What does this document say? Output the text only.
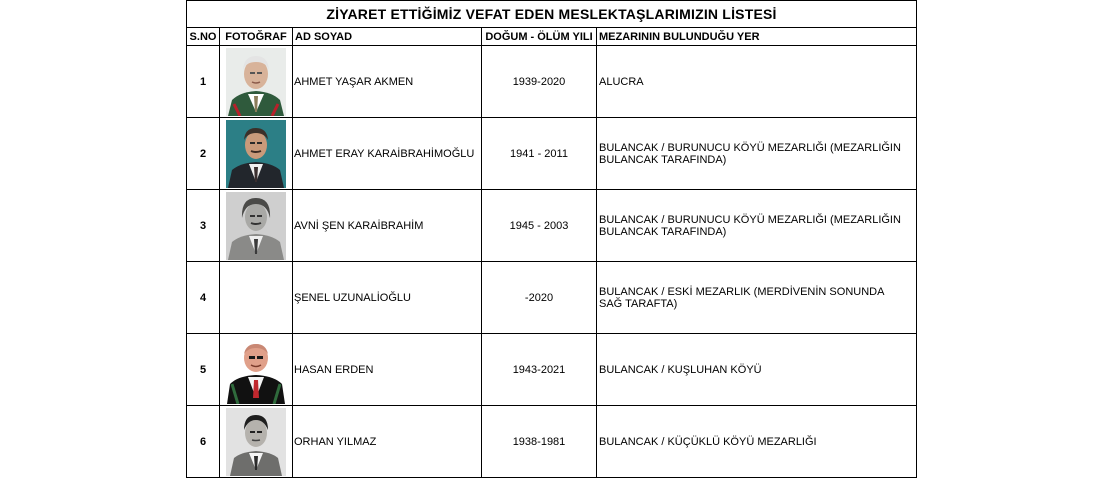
ZİYARET ETTİĞİMİZ VEFAT EDEN MESLEKTAŞLARIMIZIN LİSTESİ				
S.NO	FOTOĞRAF	AD SOYAD	DOĞUM - ÖLÜM YILI	MEZARININ BULUNDUĞU YER
1		AHMET YAŞAR AKMEN	1939-2020	ALUCRA
2		AHMET ERAY KARAİBRAHİMOĞLU	1941 - 2011	BULANCAK / BURUNUCU KÖYÜ MEZARLIĞI (MEZARLIĞIN BULANCAK TARAFINDA)
3		AVNİ ŞEN KARAİBRAHİM	1945 - 2003	BULANCAK / BURUNUCU KÖYÜ MEZARLIĞI (MEZARLIĞIN BULANCAK TARAFINDA)
4		ŞENEL UZUNALİOĞLU	-2020	BULANCAK / ESKİ MEZARLIK (MERDİVENİN SONUNDA SAĞ TARAFTA)
5		HASAN ERDEN	1943-2021	BULANCAK / KUŞLUHAN KÖYÜ
6		ORHAN YILMAZ	1938-1981	BULANCAK / KÜÇÜKLÜ KÖYÜ MEZARLIĞI
